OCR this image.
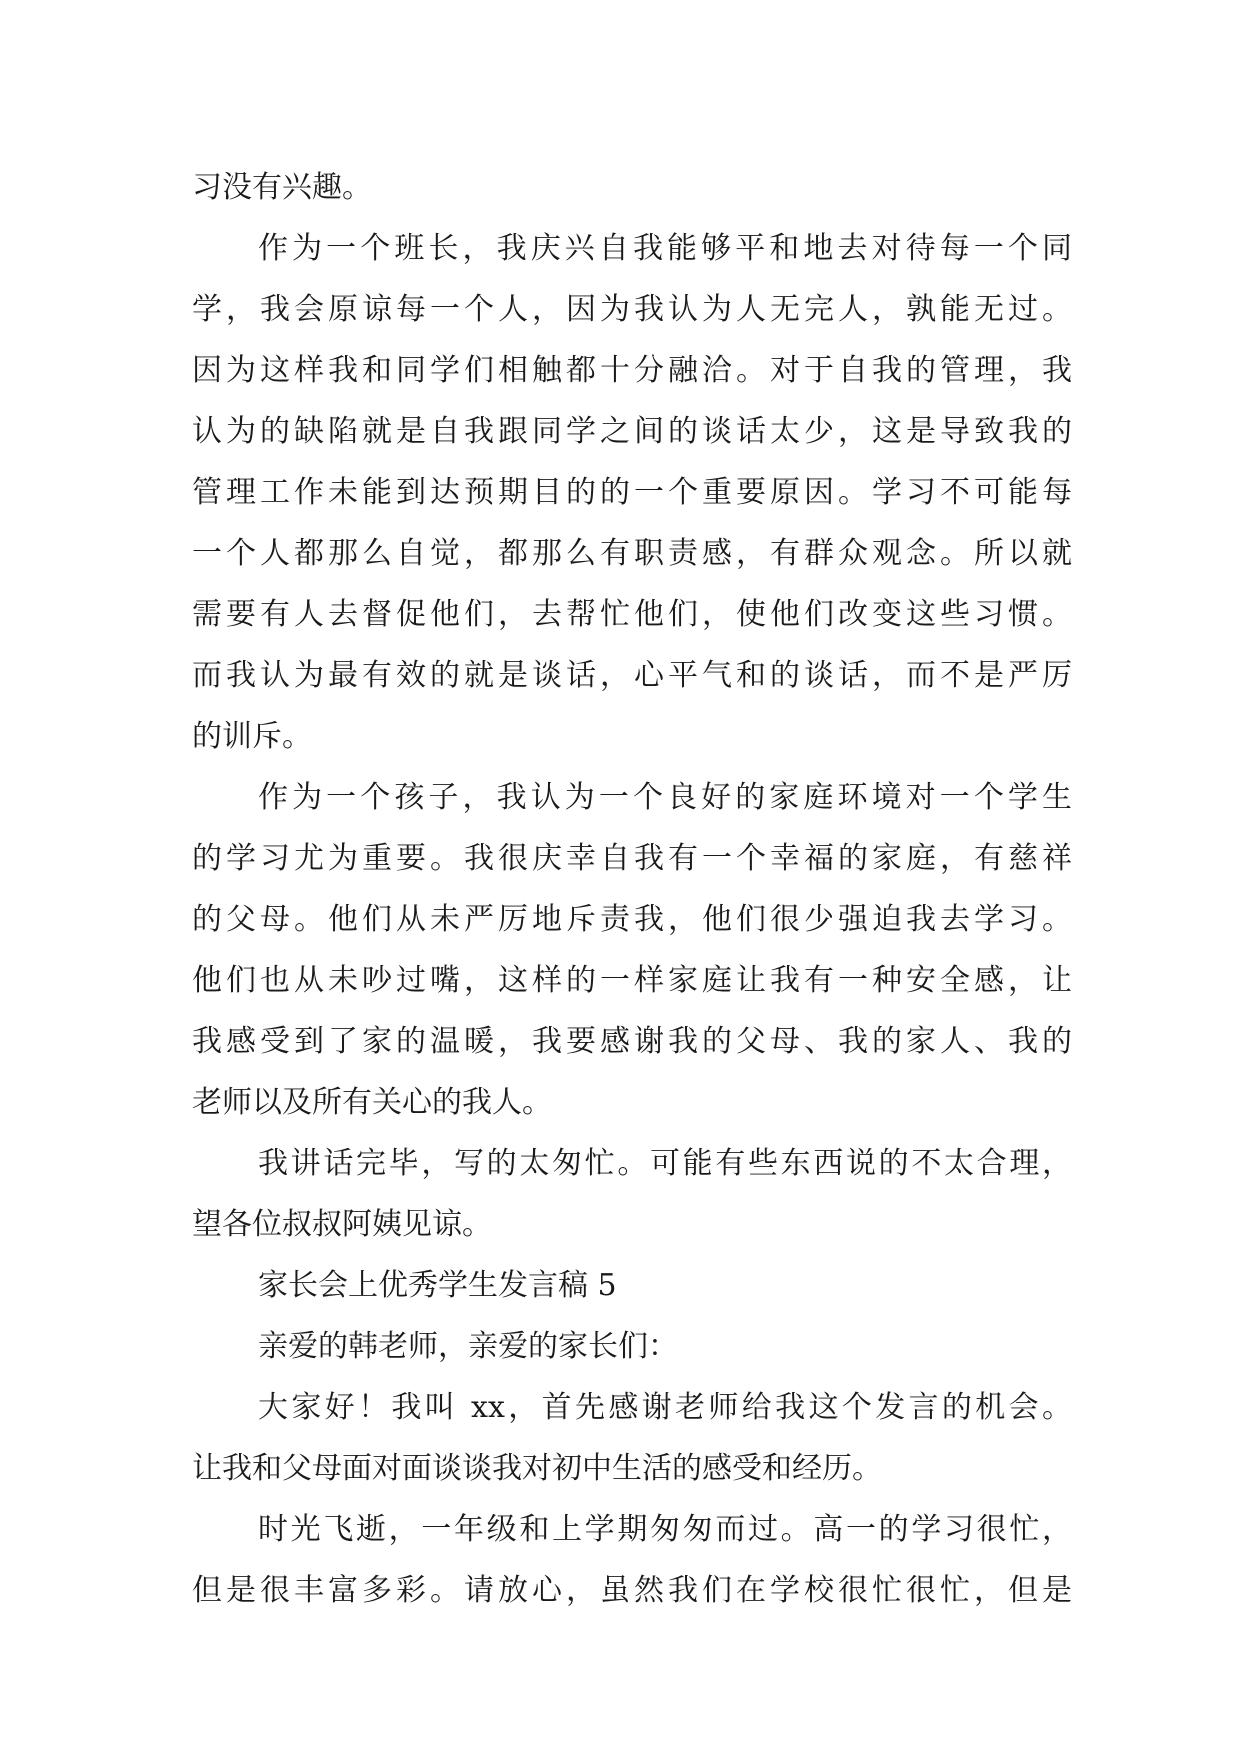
习没有兴趣。
作为一个班长，我庆兴自我能够平和地去对待每一个同
学，我会原谅每一个人，因为我认为人无完人，孰能无过。
因为这样我和同学们相触都十分融洽。对于自我的管理，我
认为的缺陷就是自我跟同学之间的谈话太少，这是导致我的
管理工作未能到达预期目的的一个重要原因。学习不可能每
一个人都那么自觉，都那么有职责感，有群众观念。所以就
需要有人去督促他们，去帮忙他们，使他们改变这些习惯。
而我认为最有效的就是谈话，心平气和的谈话，而不是严厉
的训斥。
作为一个孩子，我认为一个良好的家庭环境对一个学生
的学习尤为重要。我很庆幸自我有一个幸福的家庭，有慈祥
的父母。他们从未严厉地斥责我，他们很少强迫我去学习。
他们也从未吵过嘴，这样的一样家庭让我有一种安全感，让
我感受到了家的温暖，我要感谢我的父母、我的家人、我的
老师以及所有关心的我人。
我讲话完毕，写的太匆忙。可能有些东西说的不太合理，
望各位叔叔阿姨见谅。
家长会上优秀学生发言稿 5
亲爱的韩老师，亲爱的家长们：
大家好！我叫 xx，首先感谢老师给我这个发言的机会。
让我和父母面对面谈谈我对初中生活的感受和经历。
时光飞逝，一年级和上学期匆匆而过。高一的学习很忙，
但是很丰富多彩。请放心，虽然我们在学校很忙很忙，但是
